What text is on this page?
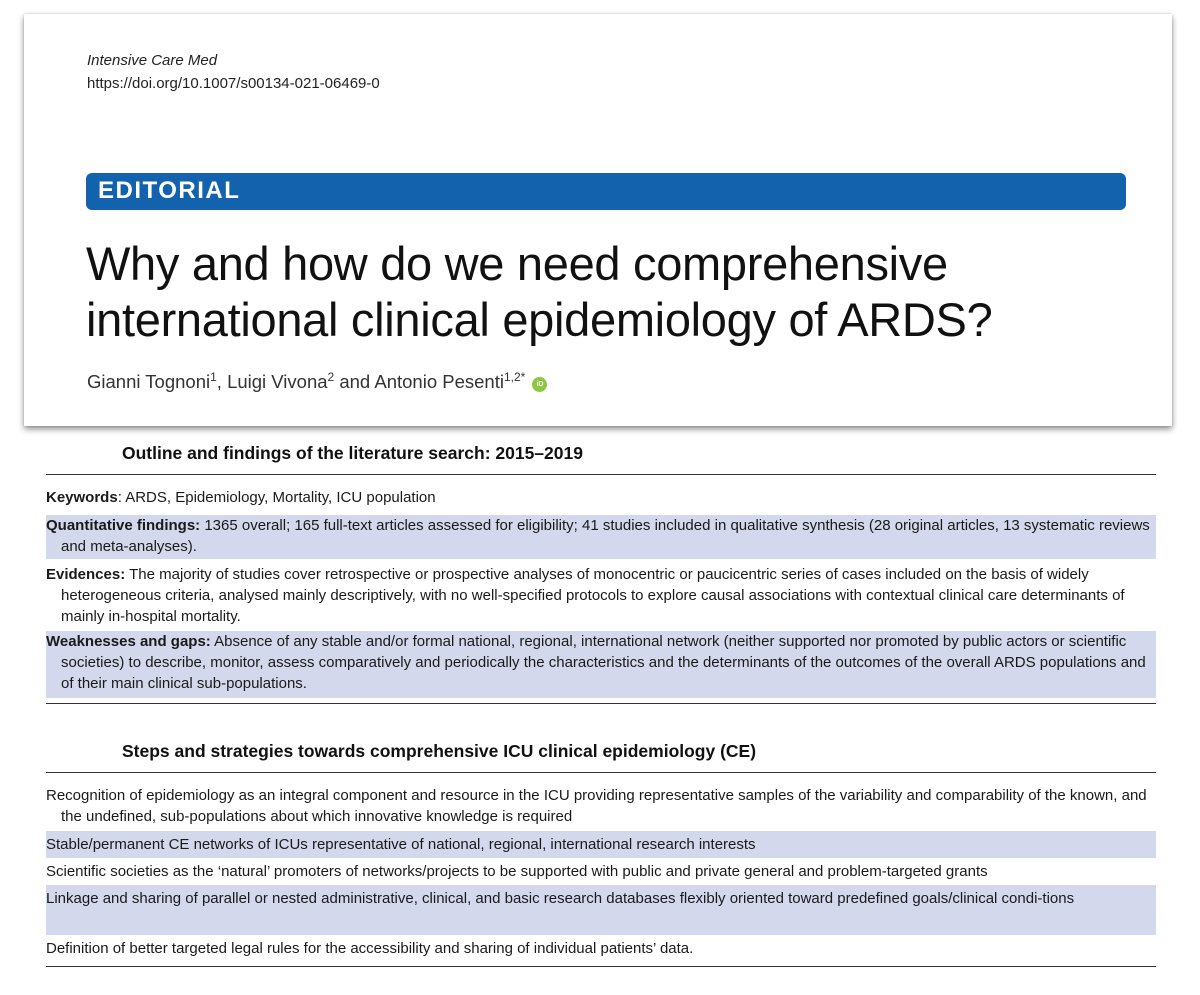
Intensive Care Med
https://doi.org/10.1007/s00134-021-06469-0
EDITORIAL
Why and how do we need comprehensive
international clinical epidemiology of ARDS?
Gianni Tognoni$^1$, Luigi Vivona$^2$ and Antonio Pesenti$^{1,2*}$ iD
Outline and findings of the literature search: 2015–2019
Keywords: ARDS, Epidemiology, Mortality, ICU population
Quantitative findings: 1365 overall; 165 full-text articles assessed for eligibility; 41 studies included in qualitative synthesis (28 original articles, 13 systematic reviews and meta-analyses).
Evidences: The majority of studies cover retrospective or prospective analyses of monocentric or paucicentric series of cases included on the basis of widely heterogeneous criteria, analysed mainly descriptively, with no well-specified protocols to explore causal associations with contextual clinical care determinants of mainly in-hospital mortality.
Weaknesses and gaps: Absence of any stable and/or formal national, regional, international network (neither supported nor promoted by public actors or scientific societies) to describe, monitor, assess comparatively and periodically the characteristics and the determinants of the outcomes of the overall ARDS populations and of their main clinical sub-populations.
Steps and strategies towards comprehensive ICU clinical epidemiology (CE)
Recognition of epidemiology as an integral component and resource in the ICU providing representative samples of the variability and comparability of the known, and the undefined, sub-populations about which innovative knowledge is required
Stable/permanent CE networks of ICUs representative of national, regional, international research interests
Scientific societies as the ‘natural’ promoters of networks/projects to be supported with public and private general and problem-targeted grants
Linkage and sharing of parallel or nested administrative, clinical, and basic research databases flexibly oriented toward predefined goals/clinical condi-tions
Definition of better targeted legal rules for the accessibility and sharing of individual patients’ data.
